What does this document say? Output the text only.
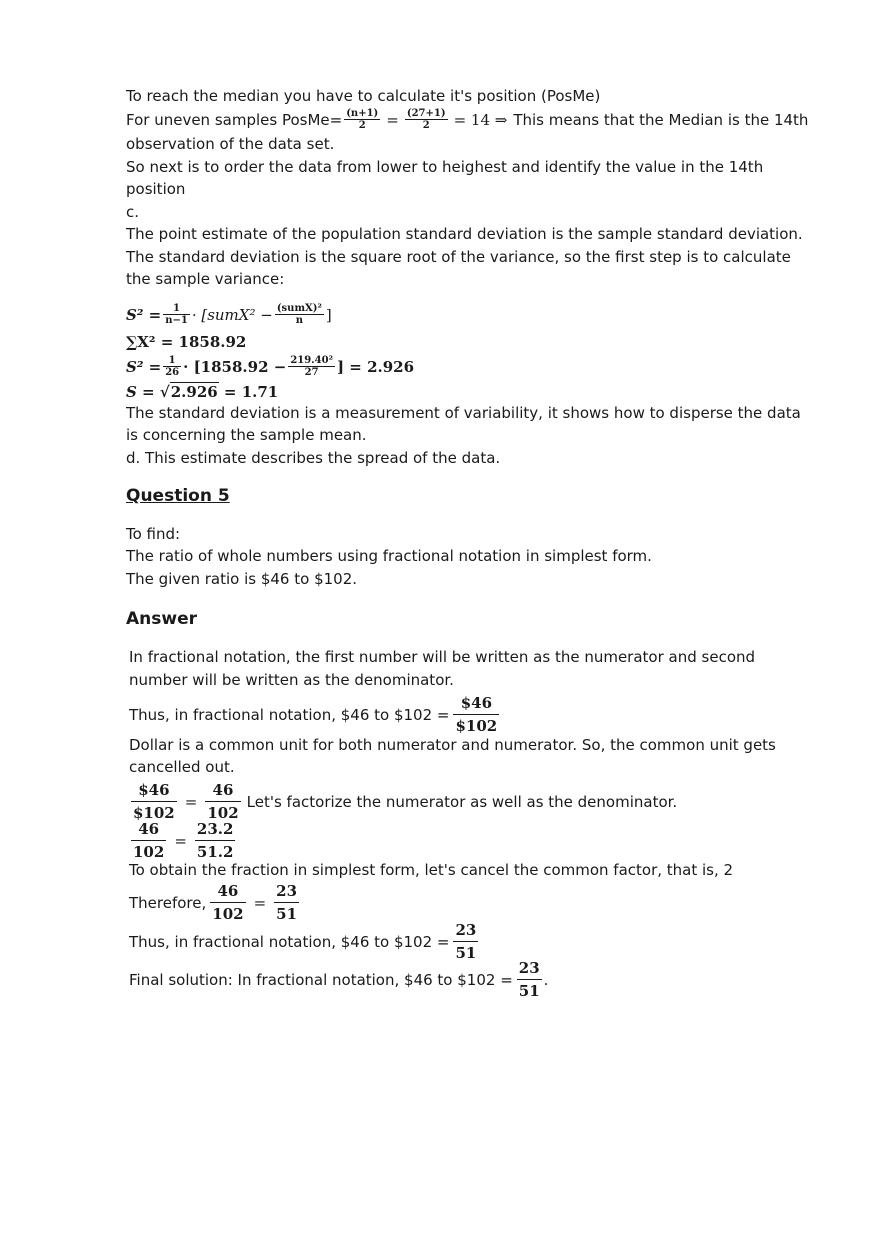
To reach the median you have to calculate it's position (PosMe)
For uneven samples PosMe= $\frac{(n+1)}{2} = \frac{(27+1)}{2} = 14$ ⇒ This means that the Median is the 14th
observation of the data set.
So next is to order the data from lower to heighest and identify the value in the 14th
position
c.
The point estimate of the population standard deviation is the sample standard deviation.
The standard deviation is the square root of the variance, so the first step is to calculate
the sample variance:
$S^2 = \frac{1}{n-1}$ · [sumX² − $\frac{\text{(sumX)²}}{n}$ ]
∑X² = 1858.92
$S^2 = \frac{1}{26} \cdot [1858.92 - \frac{\text{219.40²}}{27}$ ] = 2.926
S = √2.926 = 1.71
The standard deviation is a measurement of variability, it shows how to disperse the data
is concerning the sample mean.
d. This estimate describes the spread of the data.
Question 5
To find:
The ratio of whole numbers using fractional notation in simplest form.
The given ratio is $46 to $102.
Answer
In fractional notation, the first number will be written as the numerator and second
number will be written as the denominator.
Thus, in fractional notation, $46 to $102 = $\frac{\$46}{\$102}$
Dollar is a common unit for both numerator and numerator. So, the common unit gets
cancelled out.
$\frac{\$46}{\$102} = \frac{46}{102} Let's$ factorize the numerator as well as the denominator.
$\frac{46}{102} = \frac{23.2}{51.2}$
To obtain the fraction in simplest form, let's cancel the common factor, that is, 2
Therefore, $\frac{46}{102} = \frac{23}{51}$
Thus, in fractional notation, $46 to $102 = $\frac{23}{51}$
Final solution: In fractional notation, $46 to $102 = $\frac{23}{51}$ .
